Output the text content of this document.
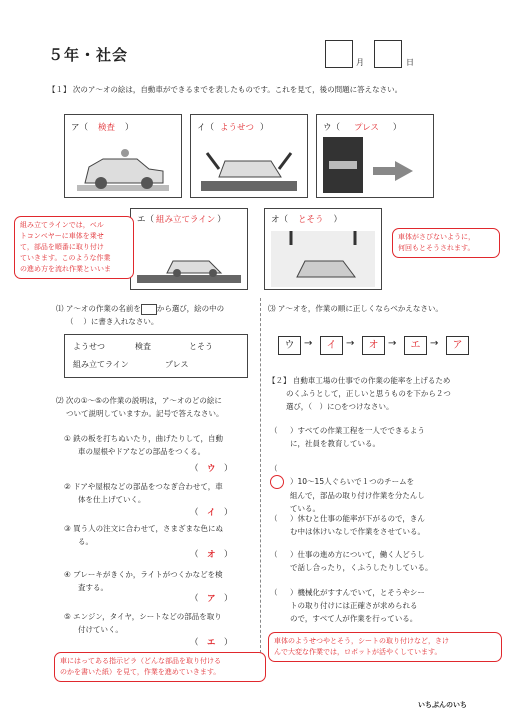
５年・社会	月	日
【１】 次のア～オの絵は，自動車ができるまでを表したものです。これを見て，後の問題に答えなさい。
ア（ 検査 ）	イ（ ようせつ ）	ウ（ プレス ）
エ（ 組み立てライン ）	オ（ とそう ）
組み立てラインでは，ベル
トコンベヤーに車体を乗せ
て，部品を順番に取り付け
ていきます。このような作業
の進め方を流れ作業といいま
車体がさびないように，
何回もとそうされます。
⑴ ア～オの作業の名前を から選び，絵の中の
（　 ）に書き入れなさい。
ようせつ	検査	とそう
組み立てライン	プレス
⑵ 次の①～⑤の作業の説明は，ア～オのどの絵に
ついて説明していますか。記号で答えなさい。
① 鉄の板を打ちぬいたり，曲げたりして，自動
車の屋根やドアなどの部品をつくる。
（　ウ　）
② ドアや屋根などの部品をつなぎ合わせて，車
体を仕上げていく。
（　イ　）
③ 買う人の注文に合わせて，さまざまな色にぬ
る。
（　オ　）
④ ブレーキがきくか，ライトがつくかなどを検
査する。
（　ア　）
⑤ エンジン，タイヤ，シートなどの部品を取り
付けていく。
（　エ　）
⑶ ア～オを，作業の順に正しくならべかえなさい。
ウ →	イ →	オ →	エ →	ア
【２】 自動車工場の仕事での作業の能率を上げるため
のくふうとして，正しいと思うものを下から２つ
選び，（　）に○をつけなさい。
（ ）すべての作業工程を一人でできるよう
に，社員を教育している。
（）10～15人ぐらいで１つのチームを
組んで，部品の取り付け作業を分たんし
ている。
（ ）休むと仕事の能率が下がるので，きん
む中は休けいなしで作業をさせている。
（ ）仕事の進め方について，働く人どうし
で話し合ったり，くふうしたりしている。
（ ）機械化がすすんでいて，とそうやシー
トの取り付けには正確さが求められる
ので，すべて人が作業を行っている。
車にはってある指示ビラ（どんな部品を取り付ける
のかを書いた紙）を見て，作業を進めていきます。
車体のようせつやとそう，シートの取り付けなど，きけ
んで大変な作業では，ロボットが活やくしています。
いちぷんのいち
